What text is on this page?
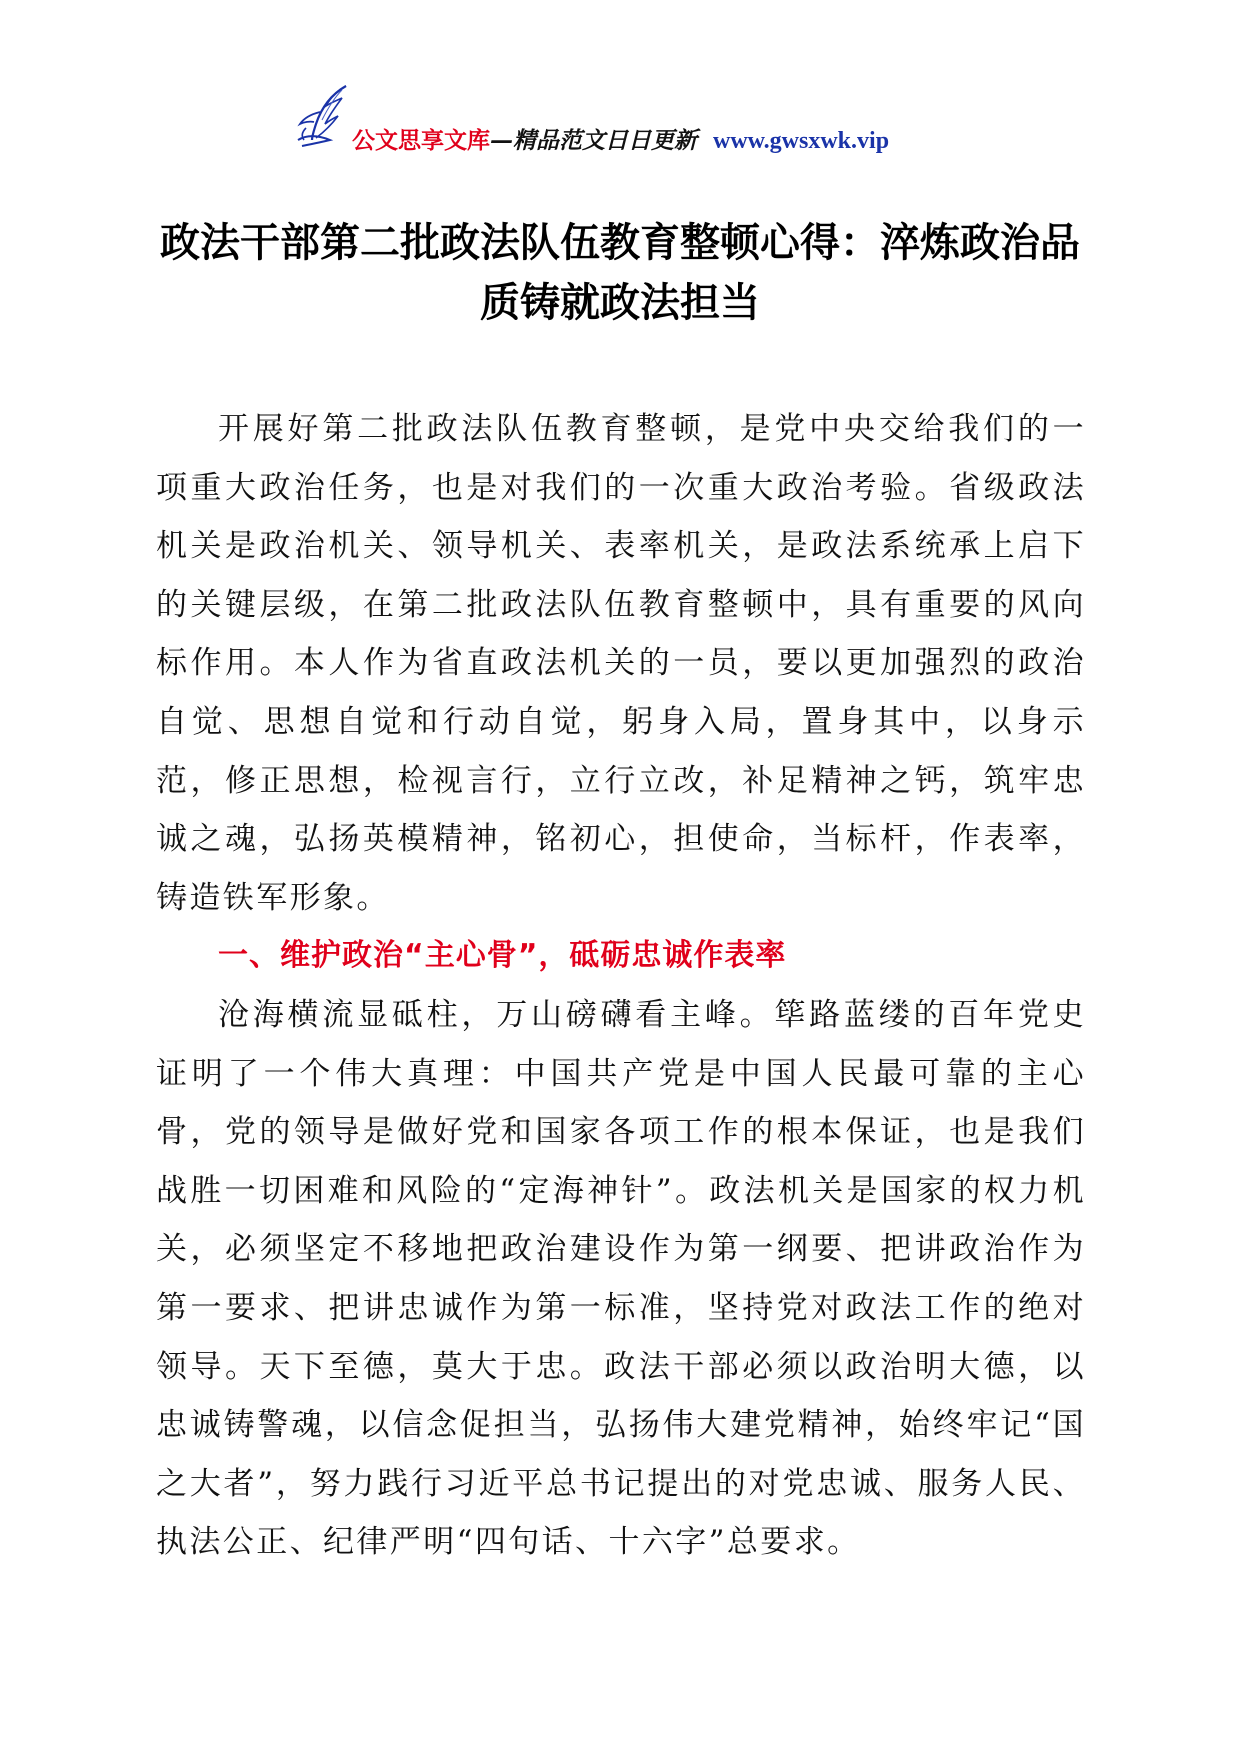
公文思享文库—精品范文日日更新 www.gwsxwk.vip
政法干部第二批政法队伍教育整顿心得：淬炼政治品质铸就政法担当

开展好第二批政法队伍教育整顿，是党中央交给我们的一项重大政治任务，也是对我们的一次重大政治考验。省级政法机关是政治机关、领导机关、表率机关，是政法系统承上启下的关键层级，在第二批政法队伍教育整顿中，具有重要的风向标作用。本人作为省直政法机关的一员，要以更加强烈的政治自觉、思想自觉和行动自觉，躬身入局，置身其中，以身示范，修正思想，检视言行，立行立改，补足精神之钙，筑牢忠诚之魂，弘扬英模精神，铭初心，担使命，当标杆，作表率，铸造铁军形象。

一、维护政治“主心骨”，砥砺忠诚作表率

沧海横流显砥柱，万山磅礴看主峰。筚路蓝缕的百年党史证明了一个伟大真理：中国共产党是中国人民最可靠的主心骨，党的领导是做好党和国家各项工作的根本保证，也是我们战胜一切困难和风险的“定海神针”。政法机关是国家的权力机关，必须坚定不移地把政治建设作为第一纲要、把讲政治作为第一要求、把讲忠诚作为第一标准，坚持党对政法工作的绝对领导。天下至德，莫大于忠。政法干部必须以政治明大德，以忠诚铸警魂，以信念促担当，弘扬伟大建党精神，始终牢记“国之大者”，努力践行习近平总书记提出的对党忠诚、服务人民、执法公正、纪律严明“四句话、十六字”总要求。
